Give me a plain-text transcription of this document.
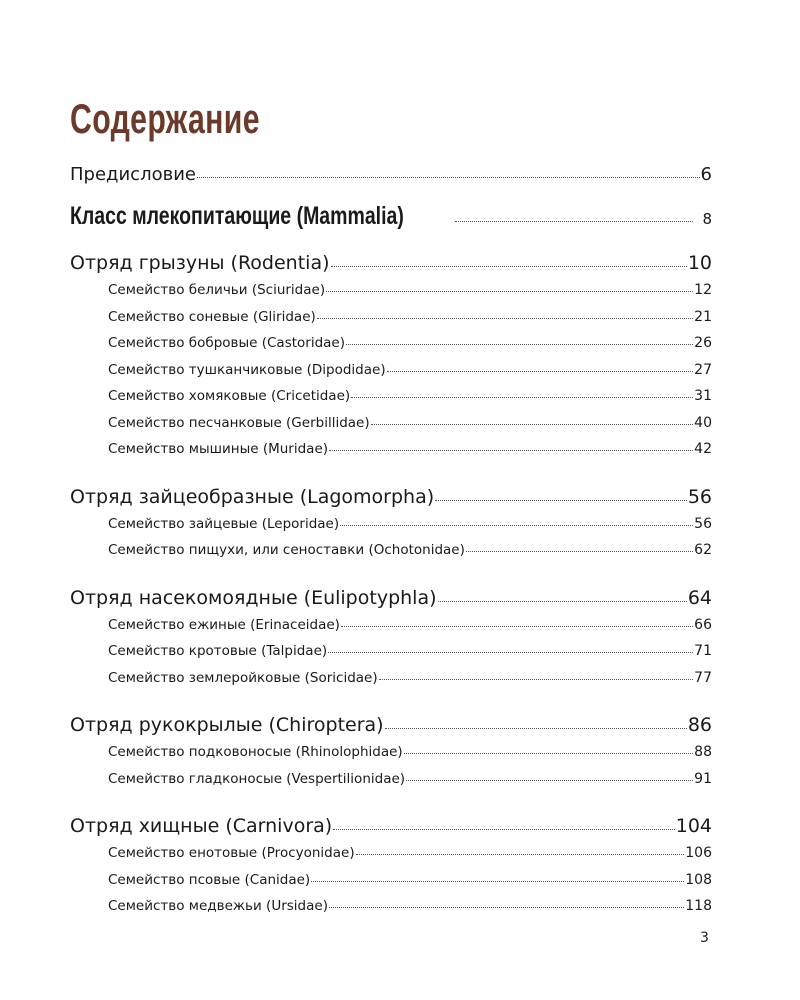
Содержание
Предисловие	6
Класс млекопитающие (Mammalia)	8
Отряд грызуны (Rodentia)	10
Семейство беличьи (Sciuridae)	12
Семейство соневые (Gliridae)	21
Семейство бобровые (Castoridae)	26
Семейство тушканчиковые (Dipodidae)	27
Семейство хомяковые (Cricetidae)	31
Семейство песчанковые (Gerbillidae)	40
Семейство мышиные (Muridae)	42
Отряд зайцеобразные (Lagomorpha)	56
Семейство зайцевые (Leporidae)	56
Семейство пищухи, или сеноставки (Ochotonidae)	62
Отряд насекомоядные (Eulipotyphla)	64
Семейство ежиные (Erinaceidae)	66
Семейство кротовые (Talpidae)	71
Семейство землеройковые (Soricidae)	77
Отряд рукокрылые (Chiroptera)	86
Семейство подковоносые (Rhinolophidae)	88
Семейство гладконосые (Vespertilionidae)	91
Отряд хищные (Carnivora)	104
Семейство енотовые (Procyonidae)	106
Семейство псовые (Canidae)	108
Семейство медвежьи (Ursidae)	118
3
